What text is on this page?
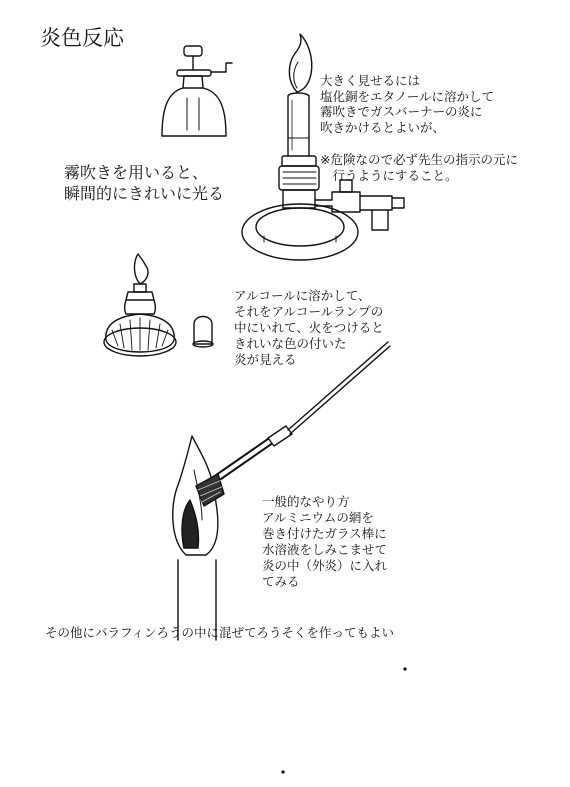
炎色反応
霧吹きを用いると、
瞬間的にきれいに光る
大きく見せるには
塩化銅をエタノールに溶かして
霧吹きでガスバーナーの炎に
吹きかけるとよいが、
※危険なので必ず先生の指示の元に
　行うようにすること。
アルコールに溶かして、
それをアルコールランプの
中にいれて、火をつけると
きれいな色の付いた
炎が見える
一般的なやり方
アルミニウムの網を
巻き付けたガラス棒に
水溶液をしみこませて
炎の中（外炎）に入れ
てみる
その他にパラフィンろうの中に混ぜてろうそくを作ってもよい
